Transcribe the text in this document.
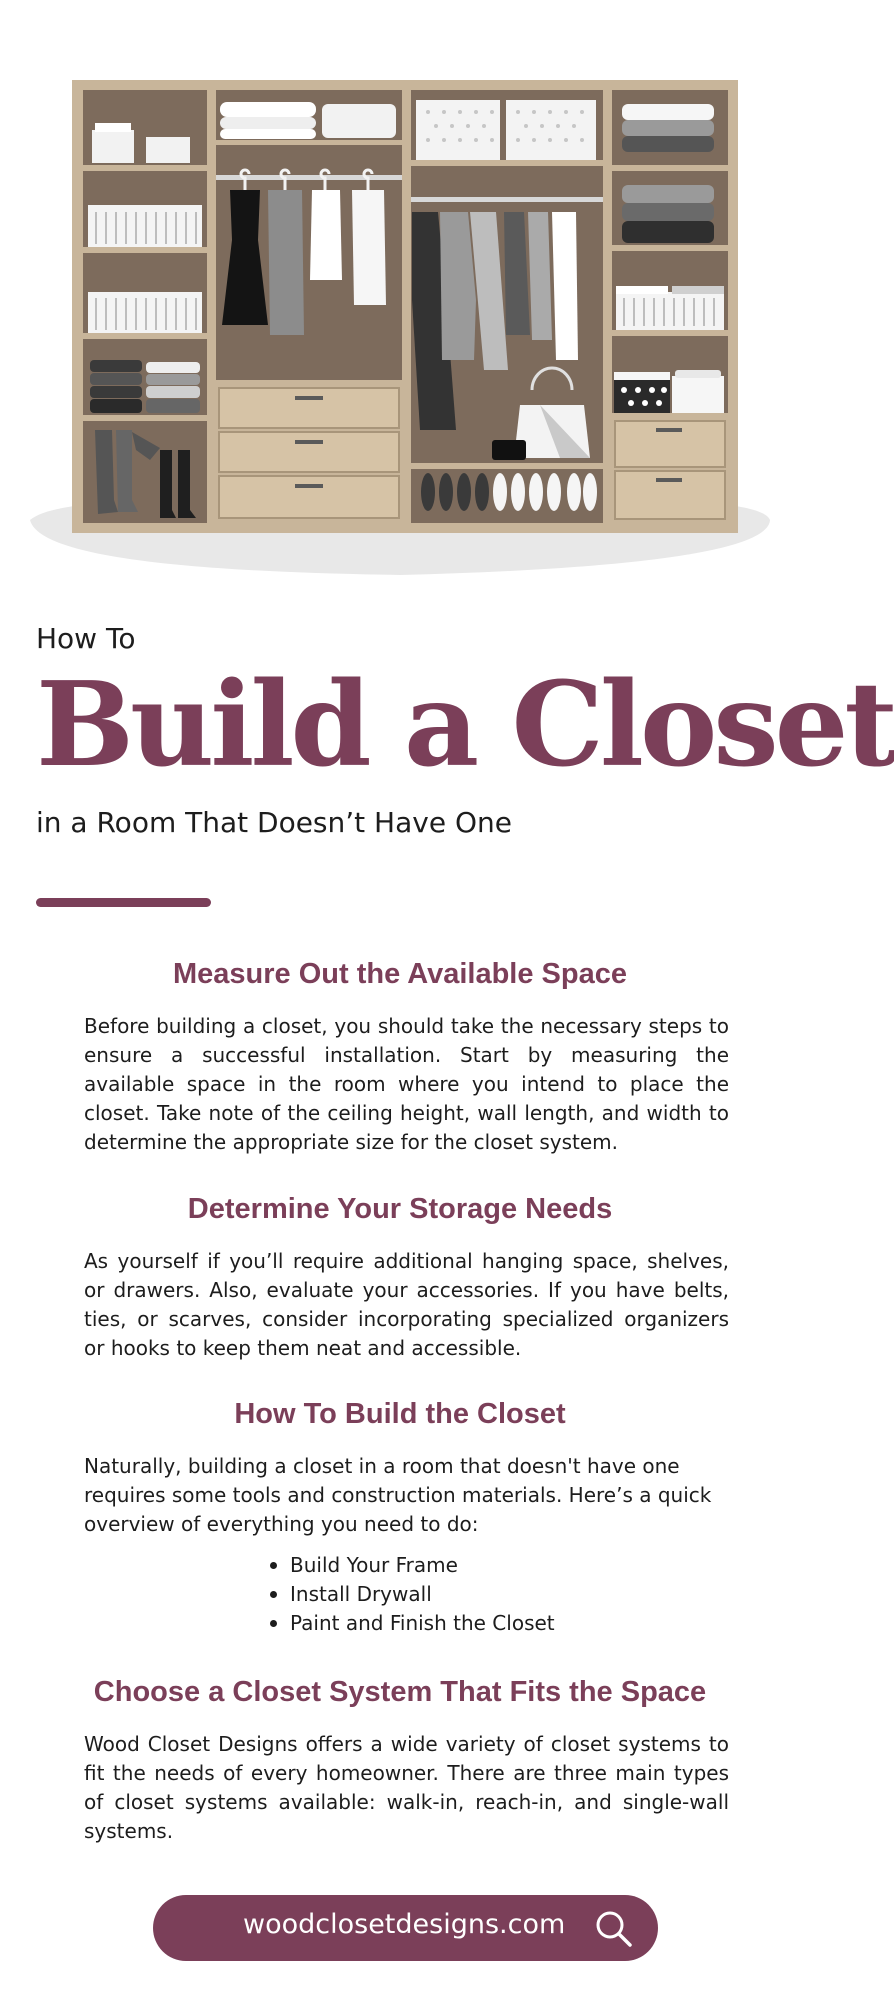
How To
Build a Closet
in a Room That Doesn’t Have One
Measure Out the Available Space

Before building a closet, you should take the necessary steps to ensure a successful installation. Start by measuring the available space in the room where you intend to place the closet. Take note of the ceiling height, wall length, and width to determine the appropriate size for the closet system.

Determine Your Storage Needs

As yourself if you’ll require additional hanging space, shelves, or drawers. Also, evaluate your accessories. If you have belts, ties, or scarves, consider incorporating specialized organizers or hooks to keep them neat and accessible.

How To Build the Closet

Naturally, building a closet in a room that doesn't have one requires some tools and construction materials. Here’s a quick overview of everything you need to do:

Build Your Frame
Install Drywall
Paint and Finish the Closet
Choose a Closet System That Fits the Space

Wood Closet Designs offers a wide variety of closet systems to fit the needs of every homeowner. There are three main types of closet systems available: walk-in, reach-in, and single-wall systems.

woodclosetdesigns.com
